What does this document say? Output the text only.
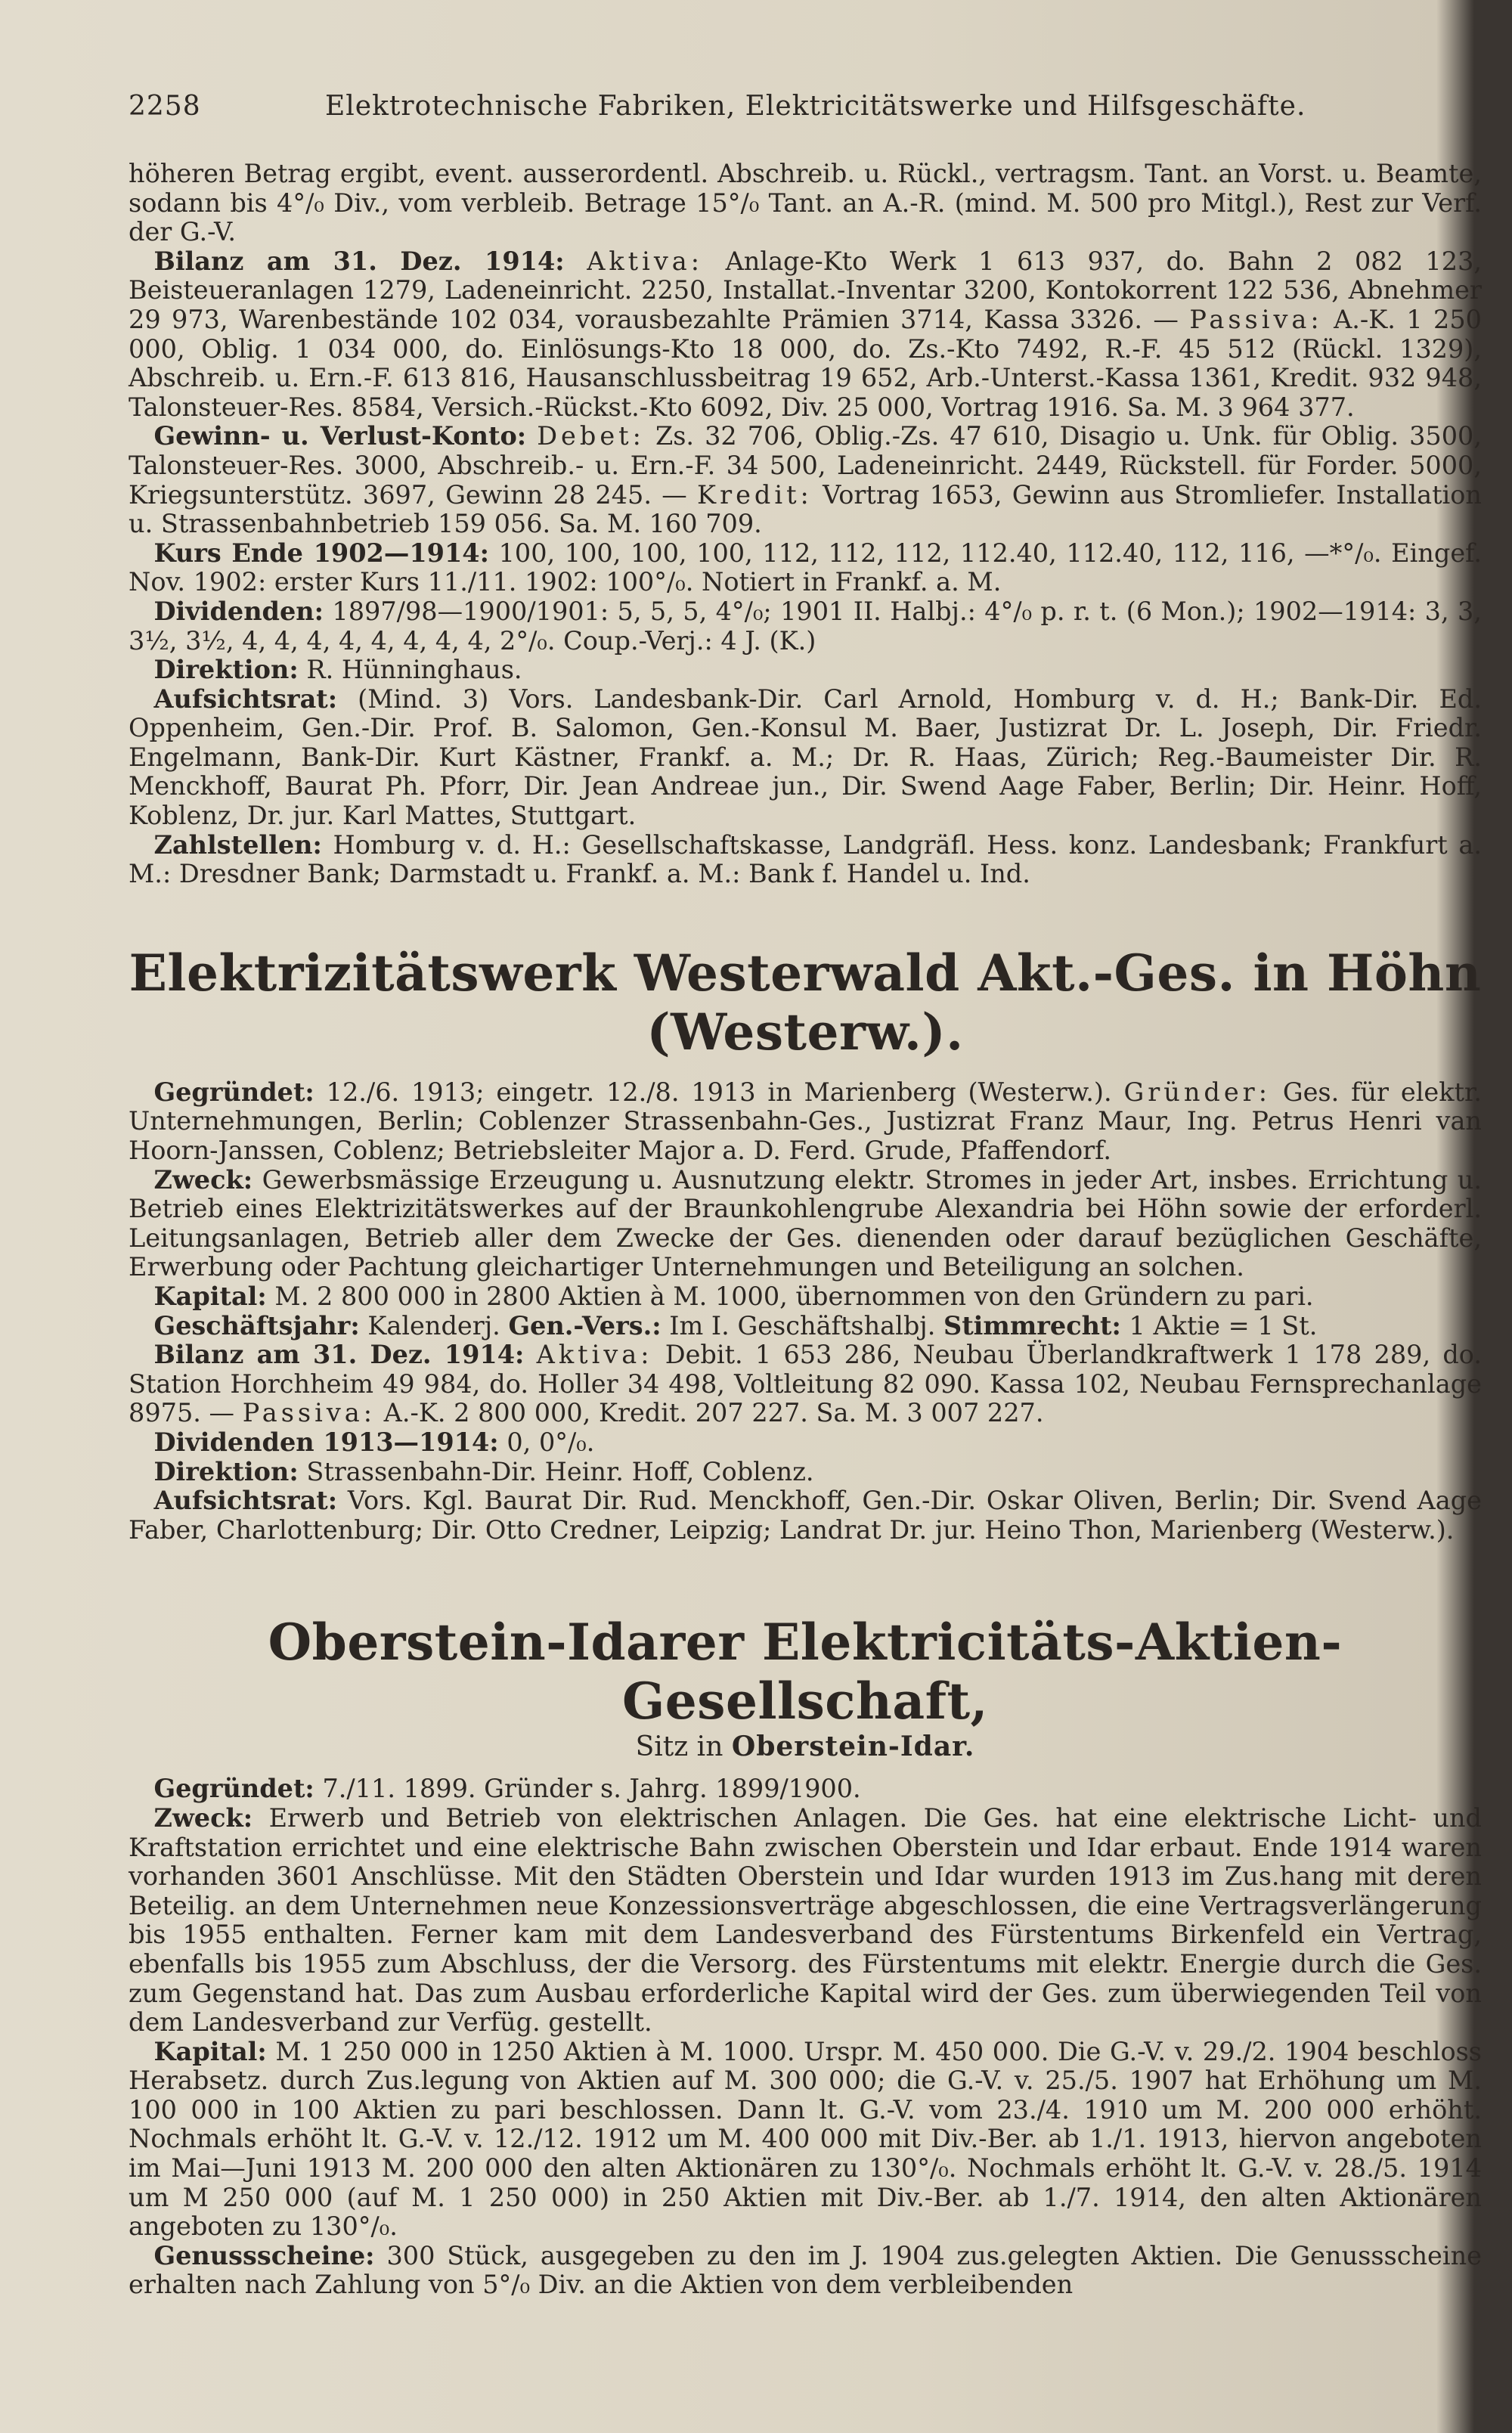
2258	Elektrotechnische Fabriken, Elektricitätswerke und Hilfsgeschäfte.

höheren Betrag ergibt, event. ausserordentl. Abschreib. u. Rückl., vertragsm. Tant. an Vorst. u. Beamte, sodann bis 4°/₀ Div., vom verbleib. Betrage 15°/₀ Tant. an A.-R. (mind. M. 500 pro Mitgl.), Rest zur Verf. der G.-V.

 Bilanz am 31. Dez. 1914: Aktiva: Anlage-Kto Werk 1 613 937, do. Bahn 2 082 123, Beisteueranlagen 1279, Ladeneinricht. 2250, Installat.-Inventar 3200, Kontokorrent 122 536, Abnehmer 29 973, Warenbestände 102 034, vorausbezahlte Prämien 3714, Kassa 3326. — Passiva: A.-K. 1 250 000, Oblig. 1 034 000, do. Einlösungs-Kto 18 000, do. Zs.-Kto 7492, R.-F. 45 512 (Rückl. 1329), Abschreib. u. Ern.-F. 613 816, Hausanschlussbeitrag 19 652, Arb.-Unterst.-Kassa 1361, Kredit. 932 948, Talonsteuer-Res. 8584, Versich.-Rückst.-Kto 6092, Div. 25 000, Vortrag 1916. Sa. M. 3 964 377.

 Gewinn- u. Verlust-Konto: Debet: Zs. 32 706, Oblig.-Zs. 47 610, Disagio u. Unk. für Oblig. 3500, Talonsteuer-Res. 3000, Abschreib.- u. Ern.-F. 34 500, Ladeneinricht. 2449, Rückstell. für Forder. 5000, Kriegsunterstütz. 3697, Gewinn 28 245. — Kredit: Vortrag 1653, Gewinn aus Stromliefer. Installation u. Strassenbahnbetrieb 159 056. Sa. M. 160 709.

 Kurs Ende 1902—1914: 100, 100, 100, 100, 112, 112, 112, 112.40, 112.40, 112, 116, —*°/₀. Eingef. Nov. 1902: erster Kurs 11./11. 1902: 100°/₀. Notiert in Frankf. a. M.

 Dividenden: 1897/98—1900/1901: 5, 5, 5, 4°/₀; 1901 II. Halbj.: 4°/₀ p. r. t. (6 Mon.); 1902—1914: 3, 3, 3½, 3½, 4, 4, 4, 4, 4, 4, 4, 4, 2°/₀. Coup.-Verj.: 4 J. (K.)

 Direktion: R. Hünninghaus.

 Aufsichtsrat: (Mind. 3) Vors. Landesbank-Dir. Carl Arnold, Homburg v. d. H.; Bank-Dir. Ed. Oppenheim, Gen.-Dir. Prof. B. Salomon, Gen.-Konsul M. Baer, Justizrat Dr. L. Joseph, Dir. Friedr. Engelmann, Bank-Dir. Kurt Kästner, Frankf. a. M.; Dr. R. Haas, Zürich; Reg.-Baumeister Dir. R. Menckhoff, Baurat Ph. Pforr, Dir. Jean Andreae jun., Dir. Swend Aage Faber, Berlin; Dir. Heinr. Hoff, Koblenz, Dr. jur. Karl Mattes, Stuttgart.

 Zahlstellen: Homburg v. d. H.: Gesellschaftskasse, Landgräfl. Hess. konz. Landesbank; Frankfurt a. M.: Dresdner Bank; Darmstadt u. Frankf. a. M.: Bank f. Handel u. Ind.

Elektrizitätswerk Westerwald Akt.-Ges. in Höhn (Westerw.).

 Gegründet: 12./6. 1913; eingetr. 12./8. 1913 in Marienberg (Westerw.). Gründer: Ges. für elektr. Unternehmungen, Berlin; Coblenzer Strassenbahn-Ges., Justizrat Franz Maur, Ing. Petrus Henri van Hoorn-Janssen, Coblenz; Betriebsleiter Major a. D. Ferd. Grude, Pfaffendorf.

 Zweck: Gewerbsmässige Erzeugung u. Ausnutzung elektr. Stromes in jeder Art, insbes. Errichtung u. Betrieb eines Elektrizitätswerkes auf der Braunkohlengrube Alexandria bei Höhn sowie der erforderl. Leitungsanlagen, Betrieb aller dem Zwecke der Ges. dienenden oder darauf bezüglichen Geschäfte, Erwerbung oder Pachtung gleichartiger Unternehmungen und Beteiligung an solchen.

 Kapital: M. 2 800 000 in 2800 Aktien à M. 1000, übernommen von den Gründern zu pari.

 Geschäftsjahr: Kalenderj. Gen.-Vers.: Im I. Geschäftshalbj. Stimmrecht: 1 Aktie = 1 St.

 Bilanz am 31. Dez. 1914: Aktiva: Debit. 1 653 286, Neubau Überlandkraftwerk 1 178 289, do. Station Horchheim 49 984, do. Holler 34 498, Voltleitung 82 090. Kassa 102, Neubau Fernsprechanlage 8975. — Passiva: A.-K. 2 800 000, Kredit. 207 227. Sa. M. 3 007 227.

 Dividenden 1913—1914: 0, 0°/₀.

 Direktion: Strassenbahn-Dir. Heinr. Hoff, Coblenz.

 Aufsichtsrat: Vors. Kgl. Baurat Dir. Rud. Menckhoff, Gen.-Dir. Oskar Oliven, Berlin; Dir. Svend Aage Faber, Charlottenburg; Dir. Otto Credner, Leipzig; Landrat Dr. jur. Heino Thon, Marienberg (Westerw.).

Oberstein-Idarer Elektricitäts-Aktien-Gesellschaft,
Sitz in Oberstein-Idar.

 Gegründet: 7./11. 1899. Gründer s. Jahrg. 1899/1900.

 Zweck: Erwerb und Betrieb von elektrischen Anlagen. Die Ges. hat eine elektrische Licht- und Kraftstation errichtet und eine elektrische Bahn zwischen Oberstein und Idar erbaut. Ende 1914 waren vorhanden 3601 Anschlüsse. Mit den Städten Oberstein und Idar wurden 1913 im Zus.hang mit deren Beteilig. an dem Unternehmen neue Konzessionsverträge abgeschlossen, die eine Vertragsverlängerung bis 1955 enthalten. Ferner kam mit dem Landesverband des Fürstentums Birkenfeld ein Vertrag, ebenfalls bis 1955 zum Abschluss, der die Versorg. des Fürstentums mit elektr. Energie durch die Ges. zum Gegenstand hat. Das zum Ausbau erforderliche Kapital wird der Ges. zum überwiegenden Teil von dem Landesverband zur Verfüg. gestellt.

 Kapital: M. 1 250 000 in 1250 Aktien à M. 1000. Urspr. M. 450 000. Die G.-V. v. 29./2. 1904 beschloss Herabsetz. durch Zus.legung von Aktien auf M. 300 000; die G.-V. v. 25./5. 1907 hat Erhöhung um M. 100 000 in 100 Aktien zu pari beschlossen. Dann lt. G.-V. vom 23./4. 1910 um M. 200 000 erhöht. Nochmals erhöht lt. G.-V. v. 12./12. 1912 um M. 400 000 mit Div.-Ber. ab 1./1. 1913, hiervon angeboten im Mai—Juni 1913 M. 200 000 den alten Aktionären zu 130°/₀. Nochmals erhöht lt. G.-V. v. 28./5. 1914 um M 250 000 (auf M. 1 250 000) in 250 Aktien mit Div.-Ber. ab 1./7. 1914, den alten Aktionären angeboten zu 130°/₀.

 Genussscheine: 300 Stück, ausgegeben zu den im J. 1904 zus.gelegten Aktien. Die Genussscheine erhalten nach Zahlung von 5°/₀ Div. an die Aktien von dem verbleibenden
